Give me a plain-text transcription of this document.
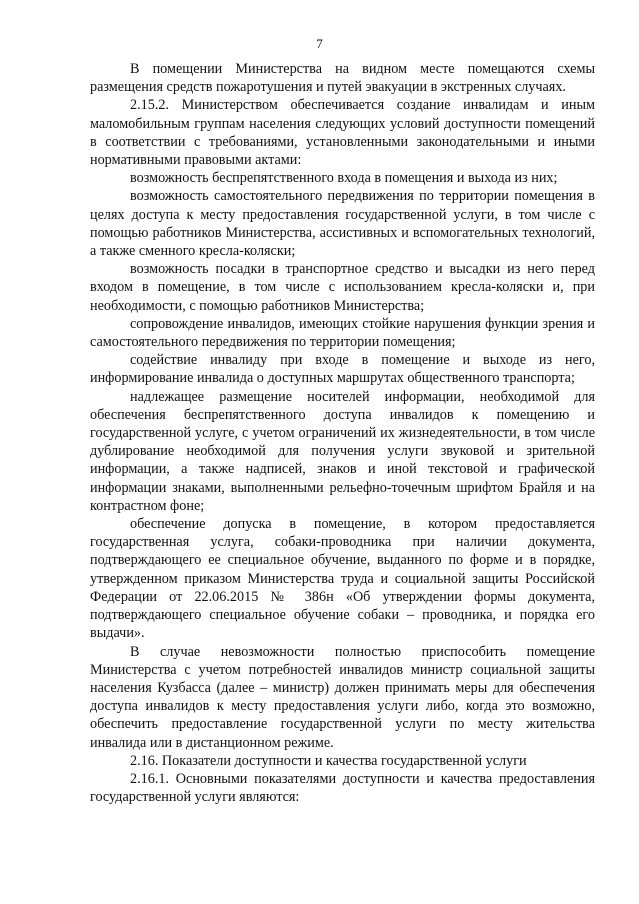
7

В помещении Министерства на видном месте помещаются схемы размещения средств пожаротушения и путей эвакуации в экстренных случаях.

2.15.2. Министерством обеспечивается создание инвалидам и иным маломобильным группам населения следующих условий доступности помещений в соответствии с требованиями, установленными законодательными и иными нормативными правовыми актами:

возможность беспрепятственного входа в помещения и выхода из них;

возможность самостоятельного передвижения по территории помещения в целях доступа к месту предоставления государственной услуги, в том числе с помощью работников Министерства, ассистивных и вспомогательных технологий, а также сменного кресла-коляски;

возможность посадки в транспортное средство и высадки из него перед входом в помещение, в том числе с использованием кресла-коляски и, при необходимости, с помощью работников Министерства;

сопровождение инвалидов, имеющих стойкие нарушения функции зрения и самостоятельного передвижения по территории помещения;

содействие инвалиду при входе в помещение и выходе из него, информирование инвалида о доступных маршрутах общественного транспорта;

надлежащее размещение носителей информации, необходимой для обеспечения беспрепятственного доступа инвалидов к помещению и государственной услуге, с учетом ограничений их жизнедеятельности, в том числе дублирование необходимой для получения услуги звуковой и зрительной информации, а также надписей, знаков и иной текстовой и графической информации знаками, выполненными рельефно-точечным шрифтом Брайля и на контрастном фоне;

обеспечение допуска в помещение, в котором предоставляется государственная услуга, собаки-проводника при наличии документа, подтверждающего ее специальное обучение, выданного по форме и в порядке, утвержденном приказом Министерства труда и социальной защиты Российской Федерации от 22.06.2015 № 386н «Об утверждении формы документа, подтверждающего специальное обучение собаки – проводника, и порядка его выдачи».

В случае невозможности полностью приспособить помещение Министерства с учетом потребностей инвалидов министр социальной защиты населения Кузбасса (далее – министр) должен принимать меры для обеспечения доступа инвалидов к месту предоставления услуги либо, когда это возможно, обеспечить предоставление государственной услуги по месту жительства инвалида или в дистанционном режиме.

2.16. Показатели доступности и качества государственной услуги

2.16.1. Основными показателями доступности и качества предоставления государственной услуги являются:
